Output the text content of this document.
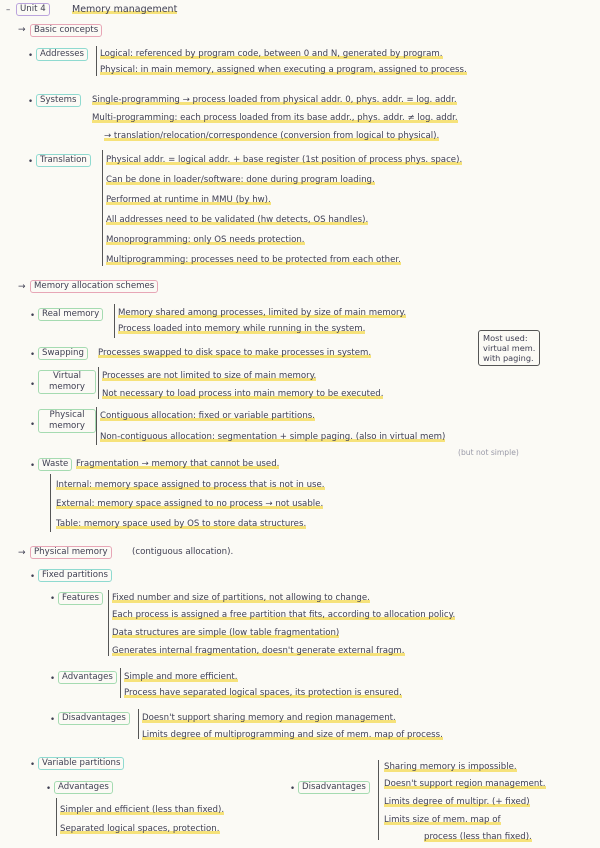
–	Unit 4	Memory management
→ Basic concepts
• Addresses	Logical: referenced by program code, between 0 and N, generated by program.
Physical: in main memory, assigned when executing a program, assigned to process.
• Systems	Single-programming → process loaded from physical addr. 0, phys. addr. = log. addr.
Multi-programming: each process loaded from its base addr., phys. addr. ≠ log. addr.
→ translation/relocation/correspondence (conversion from logical to physical).
• Translation	Physical addr. = logical addr. + base register (1st position of process phys. space).
Can be done in loader/software: done during program loading.
Performed at runtime in MMU (by hw).
All addresses need to be validated (hw detects, OS handles).
Monoprogramming: only OS needs protection.
Multiprogramming: processes need to be protected from each other.
→ Memory allocation schemes
• Real memory	Memory shared among processes, limited by size of main memory.
Process loaded into memory while running in the system.
Most used:
virtual mem.
with paging.
• Swapping	Processes swapped to disk space to make processes in system.
•
Virtual memory
Processes are not limited to size of main memory.
Not necessary to load process into main memory to be executed.
•
Physical memory
Contiguous allocation: fixed or variable partitions.
Non-contiguous allocation: segmentation + simple paging. (also in virtual mem)
(but not simple)
• Waste Fragmentation → memory that cannot be used.
Internal: memory space assigned to process that is not in use.
External: memory space assigned to no process → not usable.
Table: memory space used by OS to store data structures.
→ Physical memory	(contiguous allocation).
• Fixed partitions
• Features	Fixed number and size of partitions, not allowing to change.
Each process is assigned a free partition that fits, according to allocation policy.
Data structures are simple (low table fragmentation)
Generates internal fragmentation, doesn't generate external fragm.
• Advantages	Simple and more efficient.
Process have separated logical spaces, its protection is ensured.
• Disadvantages	Doesn't support sharing memory and region management.
Limits degree of multiprogramming and size of mem. map of process.
• Variable partitions
• Advantages
Simpler and efficient (less than fixed).
Separated logical spaces, protection.
• Disadvantages
Sharing memory is impossible.
Doesn't support region management.
Limits degree of multipr. (+ fixed)
Limits size of mem. map of
process (less than fixed).
